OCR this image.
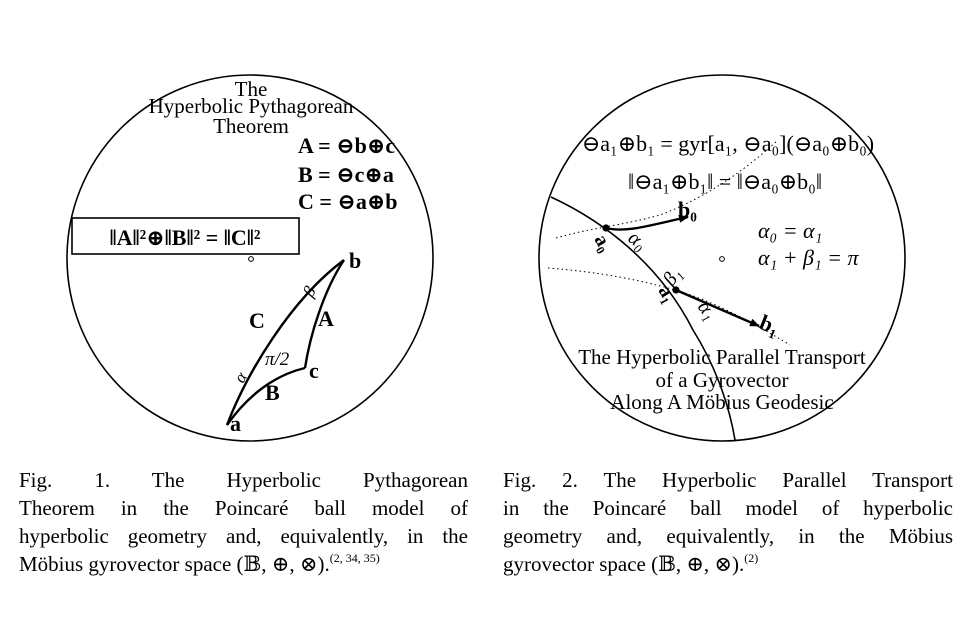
The
Hyperbolic Pythagorean
Theorem
A = ⊖b⊕c
B = ⊖c⊕a
C = ⊖a⊕b
‖A‖²⊕‖B‖² = ‖C‖²
b
c
a
C A
B
α
β
π/2
⊖a₁⊕b₁ = gyr[a₁, ⊖a₀](⊖a₀⊕b₀)
‖⊖a₁⊕b₁‖ = ‖⊖a₀⊕b₀‖
b₀
a₀ α₀
β₁
a₁
α₁ b₁
α₀ = α₁
α₁ + β₁ = π
The Hyperbolic Parallel Transport
of a Gyrovector
Along A Möbius Geodesic
Fig. 1. The Hyperbolic Pythagorean
Theorem in the Poincaré ball model of
hyperbolic geometry and, equivalently, in the
Möbius gyrovector space (𝔹, ⊕, ⊗).$^{(2, 34, 35)}$
Fig. 2. The Hyperbolic Parallel Transport
in the Poincaré ball model of hyperbolic
geometry and, equivalently, in the Möbius
gyrovector space (𝔹, ⊕, ⊗).$^{(2)}$
